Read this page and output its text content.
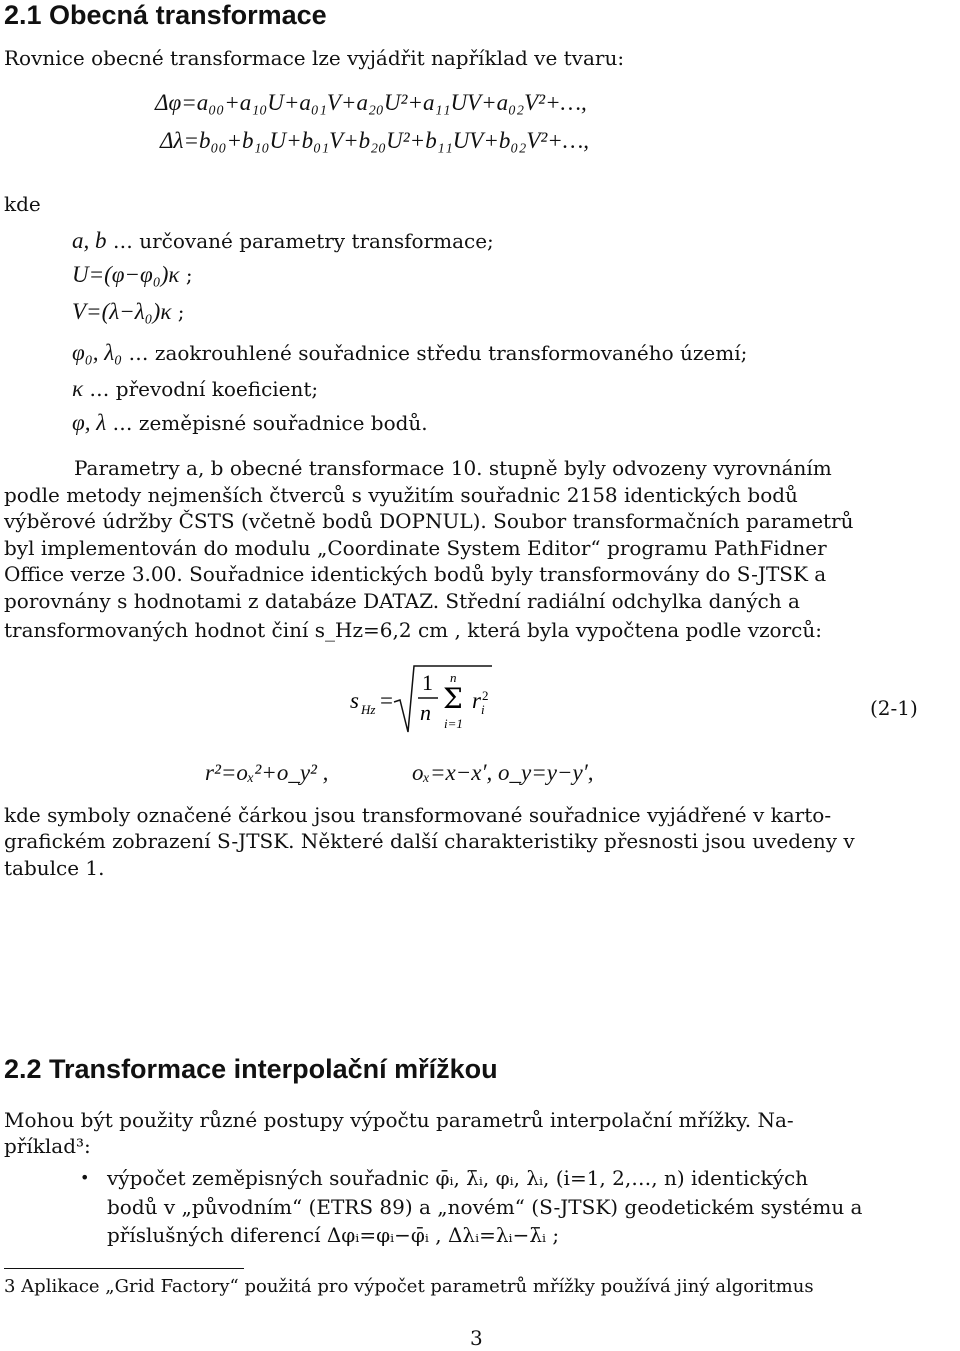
2.1 Obecná transformace
Rovnice obecné transformace lze vyjádřit například ve tvaru:
Δφ=a₀₀+a₁₀U+a₀₁V+a₂₀U²+a₁₁UV+a₀₂V²+…,
Δλ=b₀₀+b₁₀U+b₀₁V+b₂₀U²+b₁₁UV+b₀₂V²+…,
kde
a, b … určované parametry transformace;
U=(φ−φ₀)κ ;
V=(λ−λ₀)κ ;
φ₀, λ₀ … zaokrouhlené souřadnice středu transformovaného území;
κ … převodní koeficient;
φ, λ … zeměpisné souřadnice bodů.
Parametry a, b obecné transformace 10. stupně byly odvozeny vyrovnáním
podle metody nejmenších čtverců s využitím souřadnic 2158 identických bodů
výběrové údržby ČSTS (včetně bodů DOPNUL). Soubor transformačních parametrů
byl implementován do modulu „Coordinate System Editor“ programu PathFidner
Office verze 3.00. Souřadnice identických bodů byly transformovány do S-JTSK a
porovnány s hodnotami z databáze DATAZ. Střední radiální odchylka daných a
transformovaných hodnot činí s_Hz=6,2 cm , která byla vypočtena podle vzorců:
s Hz =
1
n
n
Σ
i=1
r 2
i	(2-1)
r²=oₓ²+o_y² ,	oₓ=x−x′, o_y=y−y′,
kde symboly označené čárkou jsou transformované souřadnice vyjádřené v karto-
grafickém zobrazení S-JTSK. Některé další charakteristiky přesnosti jsou uvedeny v
tabulce 1.
2.2 Transformace interpolační mřížkou
Mohou být použity různé postupy výpočtu parametrů interpolační mřížky. Na-
příklad³:
• výpočet zeměpisných souřadnic φ̄ᵢ, λ̄ᵢ, φᵢ, λᵢ, (i=1, 2,…, n) identických
bodů v „původním“ (ETRS 89) a „novém“ (S-JTSK) geodetickém systému a
příslušných diferencí Δφᵢ=φᵢ−φ̄ᵢ , Δλᵢ=λᵢ−λ̄ᵢ ;
3 Aplikace „Grid Factory“ použitá pro výpočet parametrů mřížky používá jiný algoritmus
3
